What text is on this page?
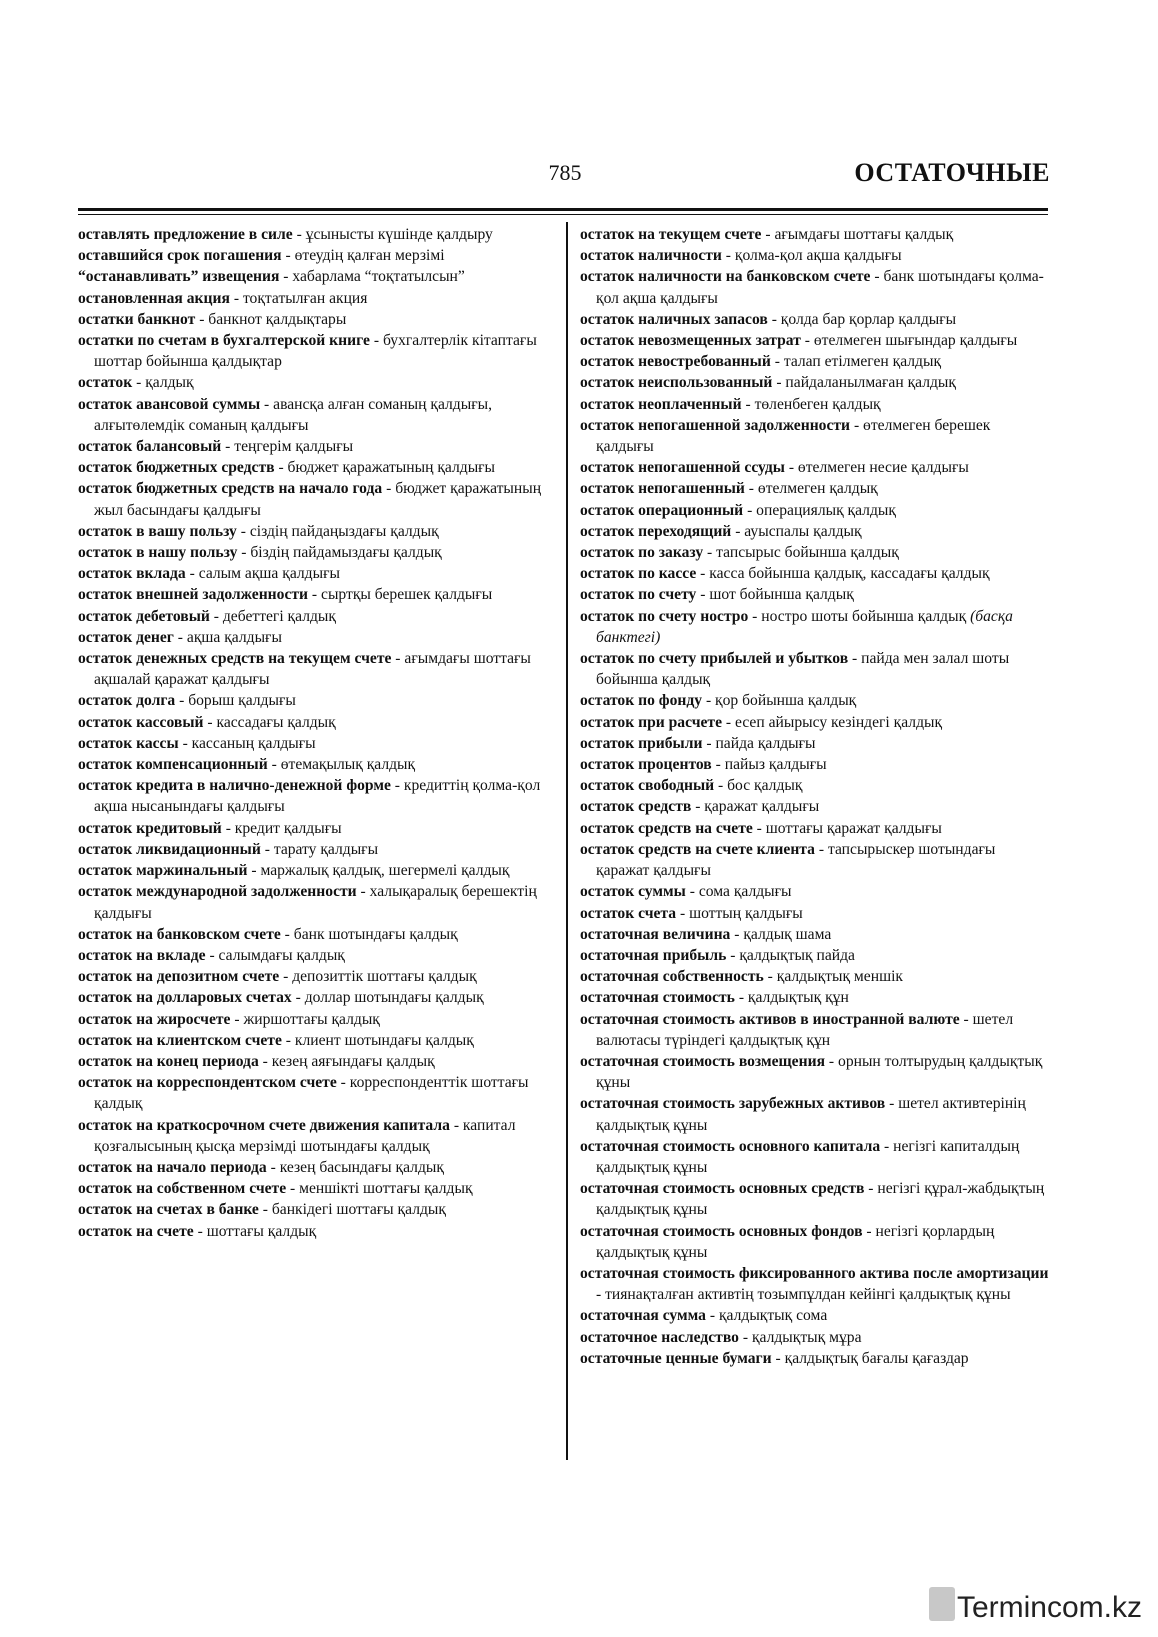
785	ОСТАТОЧНЫЕ
оставлять предложение в силе - ұсынысты күшінде қалдыру
оставшийся срок погашения - өтеудің қалған мерзімі
“останавливать” извещения - хабарлама “тоқтатылсын”
остановленная акция - тоқтатылған акция
остатки банкнот - банкнот қалдықтары
остатки по счетам в бухгалтерской книге - бухгалтерлік кітаптағы шоттар бойынша қалдықтар
остаток - қалдық
остаток авансовой суммы - авансқа алған соманың қалдығы, алғытөлемдік соманың қалдығы
остаток балансовый - теңгерім қалдығы
остаток бюджетных средств - бюджет қаражатының қалдығы
остаток бюджетных средств на начало года - бюджет қаражатының жыл басындағы қалдығы
остаток в вашу пользу - сіздің пайдаңыздағы қалдық
остаток в нашу пользу - біздің пайдамыздағы қалдық
остаток вклада - салым ақша қалдығы
остаток внешней задолженности - сыртқы берешек қалдығы
остаток дебетовый - дебеттегі қалдық
остаток денег - ақша қалдығы
остаток денежных средств на текущем счете - ағымдағы шоттағы ақшалай қаражат қалдығы
остаток долга - борыш қалдығы
остаток кассовый - кассадағы қалдық
остаток кассы - кассаның қалдығы
остаток компенсационный - өтемақылық қалдық
остаток кредита в налично-денежной форме - кредиттің қолма-қол ақша нысанындағы қалдығы
остаток кредитовый - кредит қалдығы
остаток ликвидационный - тарату қалдығы
остаток маржинальный - маржалық қалдық, шегермелі қалдық
остаток международной задолженности - халықаралық берешектің қалдығы
остаток на банковском счете - банк шотындағы қалдық
остаток на вкладе - салымдағы қалдық
остаток на депозитном счете - депозиттік шоттағы қалдық
остаток на долларовых счетах - доллар шотындағы қалдық
остаток на жиросчете - жиршоттағы қалдық
остаток на клиентском счете - клиент шотындағы қалдық
остаток на конец периода - кезең аяғындағы қалдық
остаток на корреспондентском счете - корреспонденттік шоттағы қалдық
остаток на краткосрочном счете движения капитала - капитал қозғалысының қысқа мерзімді шотындағы қалдық
остаток на начало периода - кезең басындағы қалдық
остаток на собственном счете - меншікті шоттағы қалдық
остаток на счетах в банке - банкідегі шоттағы қалдық
остаток на счете - шоттағы қалдық
остаток на текущем счете - ағымдағы шоттағы қалдық
остаток наличности - қолма-қол ақша қалдығы
остаток наличности на банковском счете - банк шотындағы қолма-қол ақша қалдығы
остаток наличных запасов - қолда бар қорлар қалдығы
остаток невозмещенных затрат - өтелмеген шығындар қалдығы
остаток невостребованный - талап етілмеген қалдық
остаток неиспользованный - пайдаланылмаған қалдық
остаток неоплаченный - төленбеген қалдық
остаток непогашенной задолженности - өтелмеген берешек қалдығы
остаток непогашенной ссуды - өтелмеген несие қалдығы
остаток непогашенный - өтелмеген қалдық
остаток операционный - операциялық қалдық
остаток переходящий - ауыспалы қалдық
остаток по заказу - тапсырыс бойынша қалдық
остаток по кассе - касса бойынша қалдық, кассадағы қалдық
остаток по счету - шот бойынша қалдық
остаток по счету ностро - ностро шоты бойынша қалдық (басқа банктегі)
остаток по счету прибылей и убытков - пайда мен залал шоты бойынша қалдық
остаток по фонду - қор бойынша қалдық
остаток при расчете - есеп айырысу кезіндегі қалдық
остаток прибыли - пайда қалдығы
остаток процентов - пайыз қалдығы
остаток свободный - бос қалдық
остаток средств - қаражат қалдығы
остаток средств на счете - шоттағы қаражат қалдығы
остаток средств на счете клиента - тапсырыскер шотындағы қаражат қалдығы
остаток суммы - сома қалдығы
остаток счета - шоттың қалдығы
остаточная величина - қалдық шама
остаточная прибыль - қалдықтық пайда
остаточная собственность - қалдықтық меншік
остаточная стоимость - қалдықтық құн
остаточная стоимость активов в иностранной валюте - шетел валютасы түріндегі қалдықтық құн
остаточная стоимость возмещения - орнын толтырудың қалдықтық құны
остаточная стоимость зарубежных активов - шетел активтерінің қалдықтық құны
остаточная стоимость основного капитала - негізгі капиталдың қалдықтық құны
остаточная стоимость основных средств - негізгі құрал-жабдықтың қалдықтық құны
остаточная стоимость основных фондов - негізгі қорлардың қалдықтық құны
остаточная стоимость фиксированного актива после амортизации - тиянақталған активтің тозымпұлдан кейінгі қалдықтық құны
остаточная сумма - қалдықтық сома
остаточное наследство - қалдықтық мұра
остаточные ценные бумаги - қалдықтық бағалы қағаздар
Termincom.kz
